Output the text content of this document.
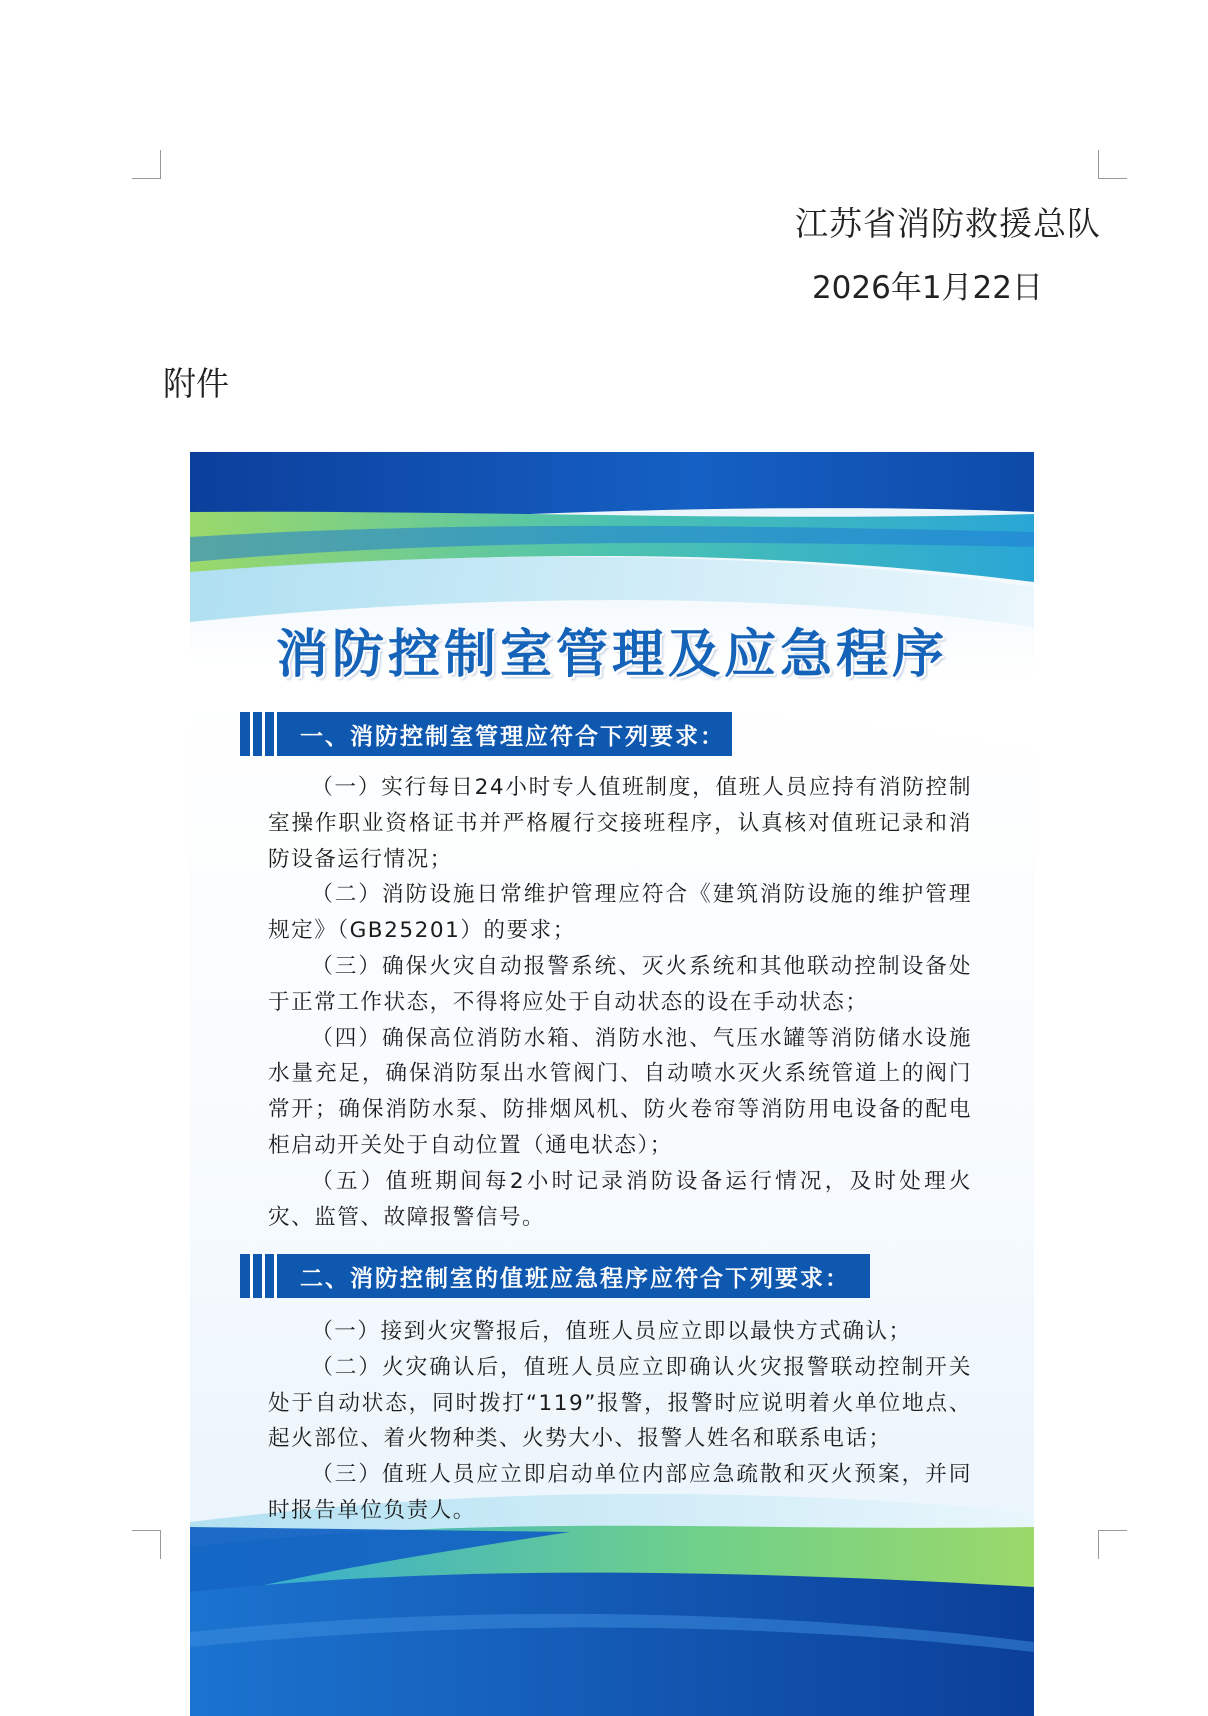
江苏省消防救援总队
2026年1月22日
附件
消防控制室管理及应急程序
一、消防控制室管理应符合下列要求：

（一）实行每日24小时专人值班制度，值班人员应持有消防控制室操作职业资格证书并严格履行交接班程序，认真核对值班记录和消防设备运行情况；

（二）消防设施日常维护管理应符合《建筑消防设施的维护管理规定》（GB25201）的要求；

（三）确保火灾自动报警系统、灭火系统和其他联动控制设备处于正常工作状态，不得将应处于自动状态的设在手动状态；

（四）确保高位消防水箱、消防水池、气压水罐等消防储水设施水量充足，确保消防泵出水管阀门、自动喷水灭火系统管道上的阀门常开；确保消防水泵、防排烟风机、防火卷帘等消防用电设备的配电柜启动开关处于自动位置（通电状态）；

（五）值班期间每2小时记录消防设备运行情况，及时处理火灾、监管、故障报警信号。

二、消防控制室的值班应急程序应符合下列要求：

（一）接到火灾警报后，值班人员应立即以最快方式确认；

（二）火灾确认后，值班人员应立即确认火灾报警联动控制开关处于自动状态，同时拨打“119”报警，报警时应说明着火单位地点、起火部位、着火物种类、火势大小、报警人姓名和联系电话；

（三）值班人员应立即启动单位内部应急疏散和灭火预案，并同时报告单位负责人。
